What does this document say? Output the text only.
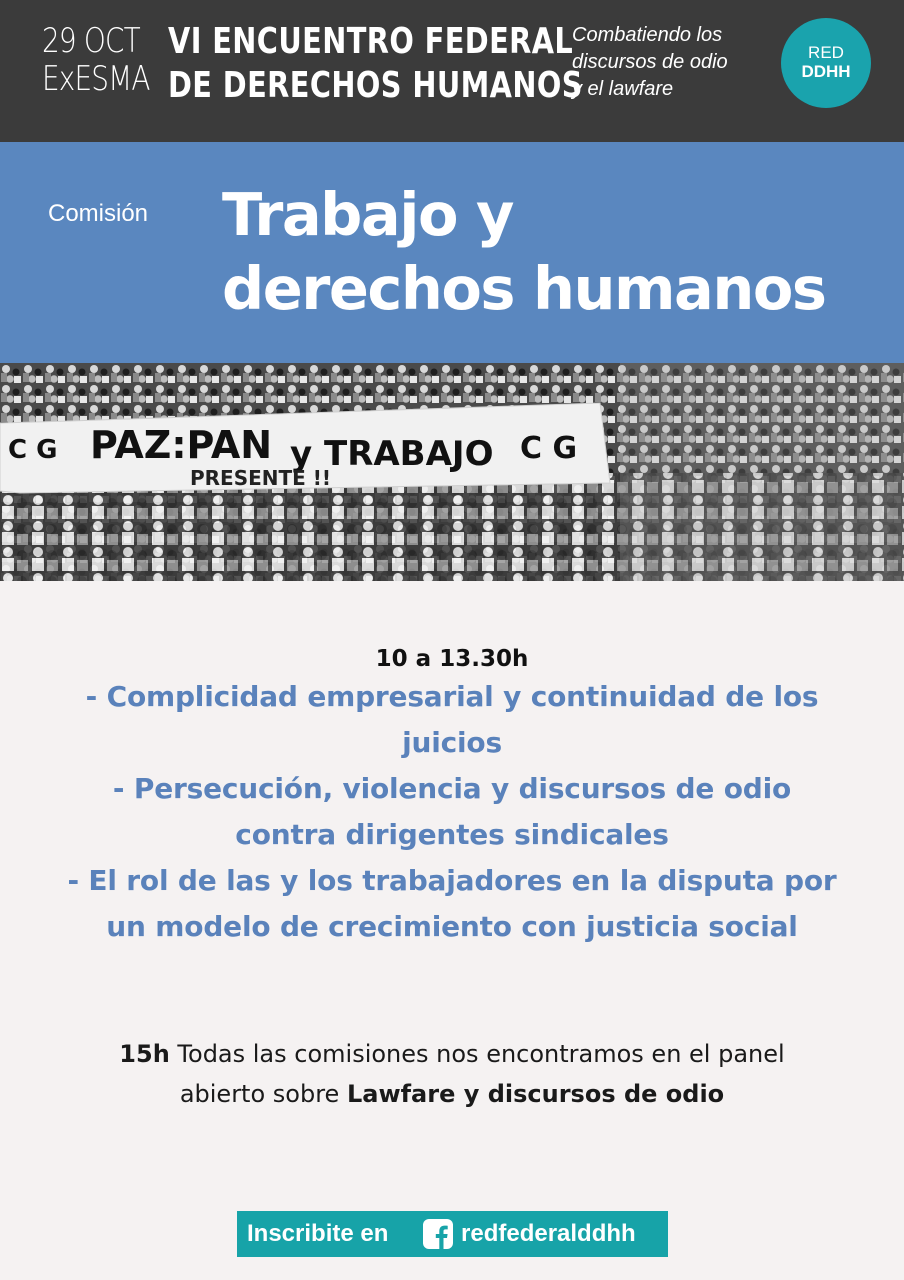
29 OCT
ExESMA
VI ENCUENTRO FEDERAL
DE DERECHOS HUMANOS
Combatiendo los
discursos de odio
y el lawfare
RED
DDHH
Comisión Trabajo y
derechos humanos
C G PAZ:PAN y TRABAJO
PRESENTE !!
C G
10 a 13.30h
- Complicidad empresarial y continuidad de los
juicios
- Persecución, violencia y discursos de odio
contra dirigentes sindicales
- El rol de las y los trabajadores en la disputa por
un modelo de crecimiento con justicia social
15h Todas las comisiones nos encontramos en el panel
abierto sobre Lawfare y discursos de odio
Inscribite en	redfederalddhh
